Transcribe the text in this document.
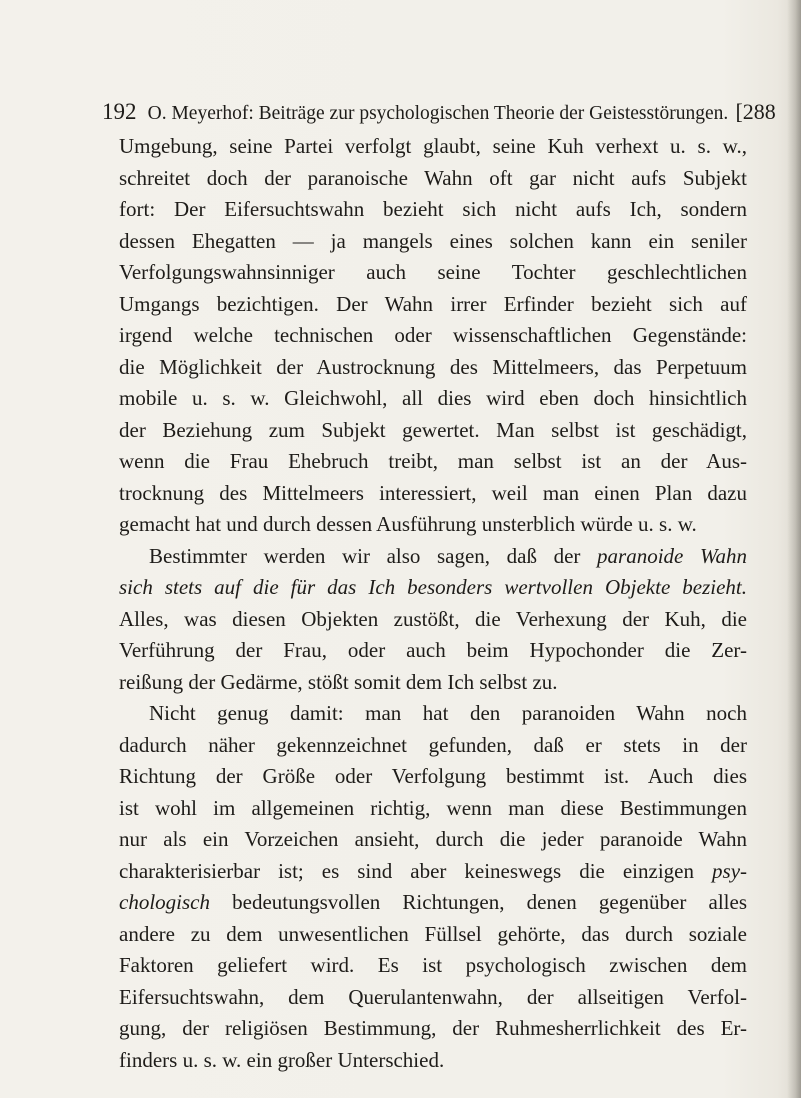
192 O. Meyerhof: Beiträge zur psychologischen Theorie der Geistesstörungen. [288
Umgebung, seine Partei verfolgt glaubt, seine Kuh verhext u. s. w.,
schreitet doch der paranoische Wahn oft gar nicht aufs Subjekt
fort: Der Eifersuchtswahn bezieht sich nicht aufs Ich, sondern
dessen Ehegatten — ja mangels eines solchen kann ein seniler
Verfolgungswahnsinniger auch seine Tochter geschlechtlichen
Umgangs bezichtigen. Der Wahn irrer Erfinder bezieht sich auf
irgend welche technischen oder wissenschaftlichen Gegenstände:
die Möglichkeit der Austrocknung des Mittelmeers, das Perpetuum
mobile u. s. w. Gleichwohl, all dies wird eben doch hinsichtlich
der Beziehung zum Subjekt gewertet. Man selbst ist geschädigt,
wenn die Frau Ehebruch treibt, man selbst ist an der Aus-
trocknung des Mittelmeers interessiert, weil man einen Plan dazu
gemacht hat und durch dessen Ausführung unsterblich würde u. s. w.
Bestimmter werden wir also sagen, daß der paranoide Wahn
sich stets auf die für das Ich besonders wertvollen Objekte bezieht.
Alles, was diesen Objekten zustößt, die Verhexung der Kuh, die
Verführung der Frau, oder auch beim Hypochonder die Zer-
reißung der Gedärme, stößt somit dem Ich selbst zu.
Nicht genug damit: man hat den paranoiden Wahn noch
dadurch näher gekennzeichnet gefunden, daß er stets in der
Richtung der Größe oder Verfolgung bestimmt ist. Auch dies
ist wohl im allgemeinen richtig, wenn man diese Bestimmungen
nur als ein Vorzeichen ansieht, durch die jeder paranoide Wahn
charakterisierbar ist; es sind aber keineswegs die einzigen psy-
chologisch bedeutungsvollen Richtungen, denen gegenüber alles
andere zu dem unwesentlichen Füllsel gehörte, das durch soziale
Faktoren geliefert wird. Es ist psychologisch zwischen dem
Eifersuchtswahn, dem Querulantenwahn, der allseitigen Verfol-
gung, der religiösen Bestimmung, der Ruhmesherrlichkeit des Er-
finders u. s. w. ein großer Unterschied.
